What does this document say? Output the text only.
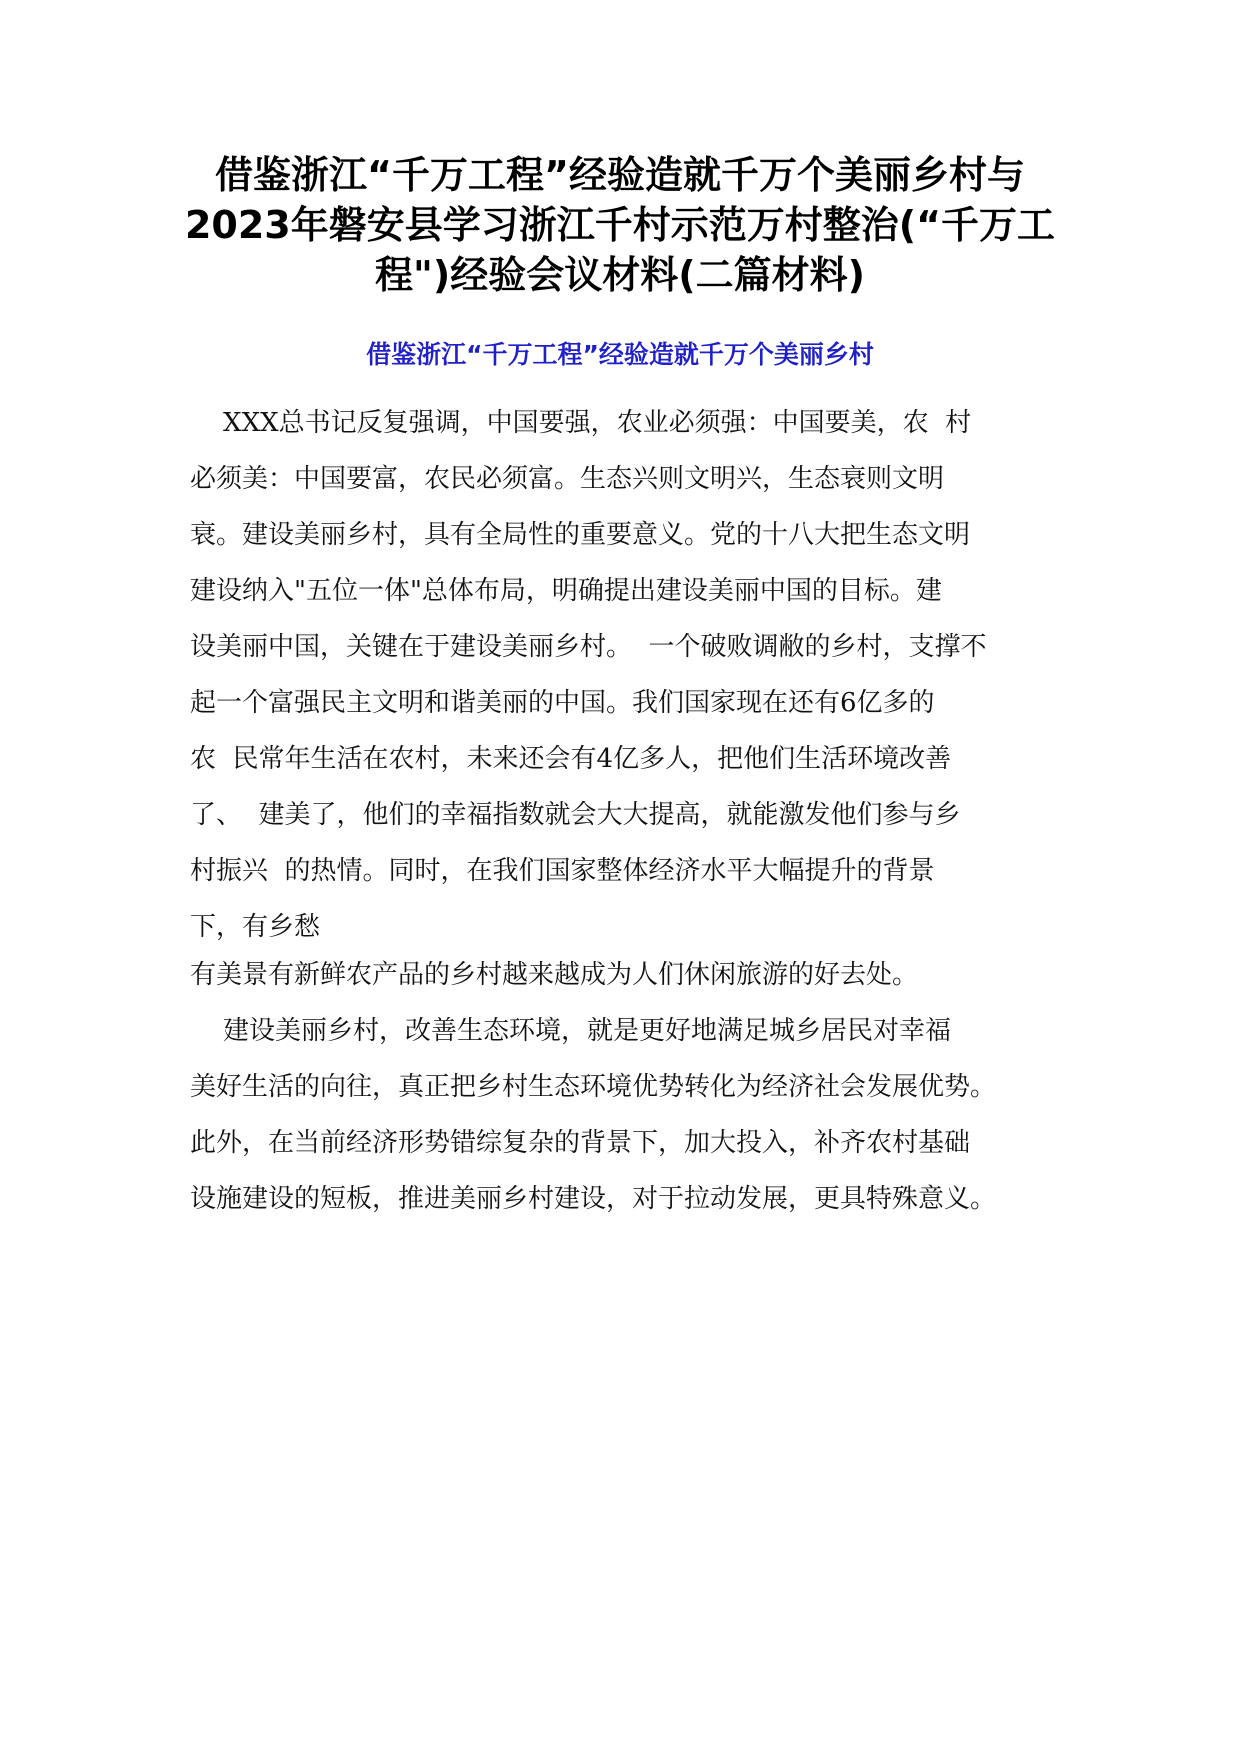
借鉴浙江“千万工程”经验造就千万个美丽乡村与
2023年磐安县学习浙江千村示范万村整治(“千万工
程")经验会议材料(二篇材料)
借鉴浙江“千万工程”经验造就千万个美丽乡村
XXX总书记反复强调，中国要强，农业必须强：中国要美，农  村
必须美：中国要富，农民必须富。生态兴则文明兴，生态衰则文明
衰。建设美丽乡村，具有全局性的重要意义。党的十八大把生态文明
建设纳入"五位一体"总体布局，明确提出建设美丽中国的目标。建
设美丽中国，关键在于建设美丽乡村。  一个破败调敝的乡村，支撑不
起一个富强民主文明和谐美丽的中国。我们国家现在还有6亿多的
农  民常年生活在农村，未来还会有4亿多人，把他们生活环境改善
了、  建美了，他们的幸福指数就会大大提高，就能激发他们参与乡
村振兴  的热情。同时，在我们国家整体经济水平大幅提升的背景
下，有乡愁
有美景有新鲜农产品的乡村越来越成为人们休闲旅游的好去处。
建设美丽乡村，改善生态环境，就是更好地满足城乡居民对幸福
美好生活的向往，真正把乡村生态环境优势转化为经济社会发展优势。
此外，在当前经济形势错综复杂的背景下，加大投入，补齐农村基础
设施建设的短板，推进美丽乡村建设，对于拉动发展，更具特殊意义。
